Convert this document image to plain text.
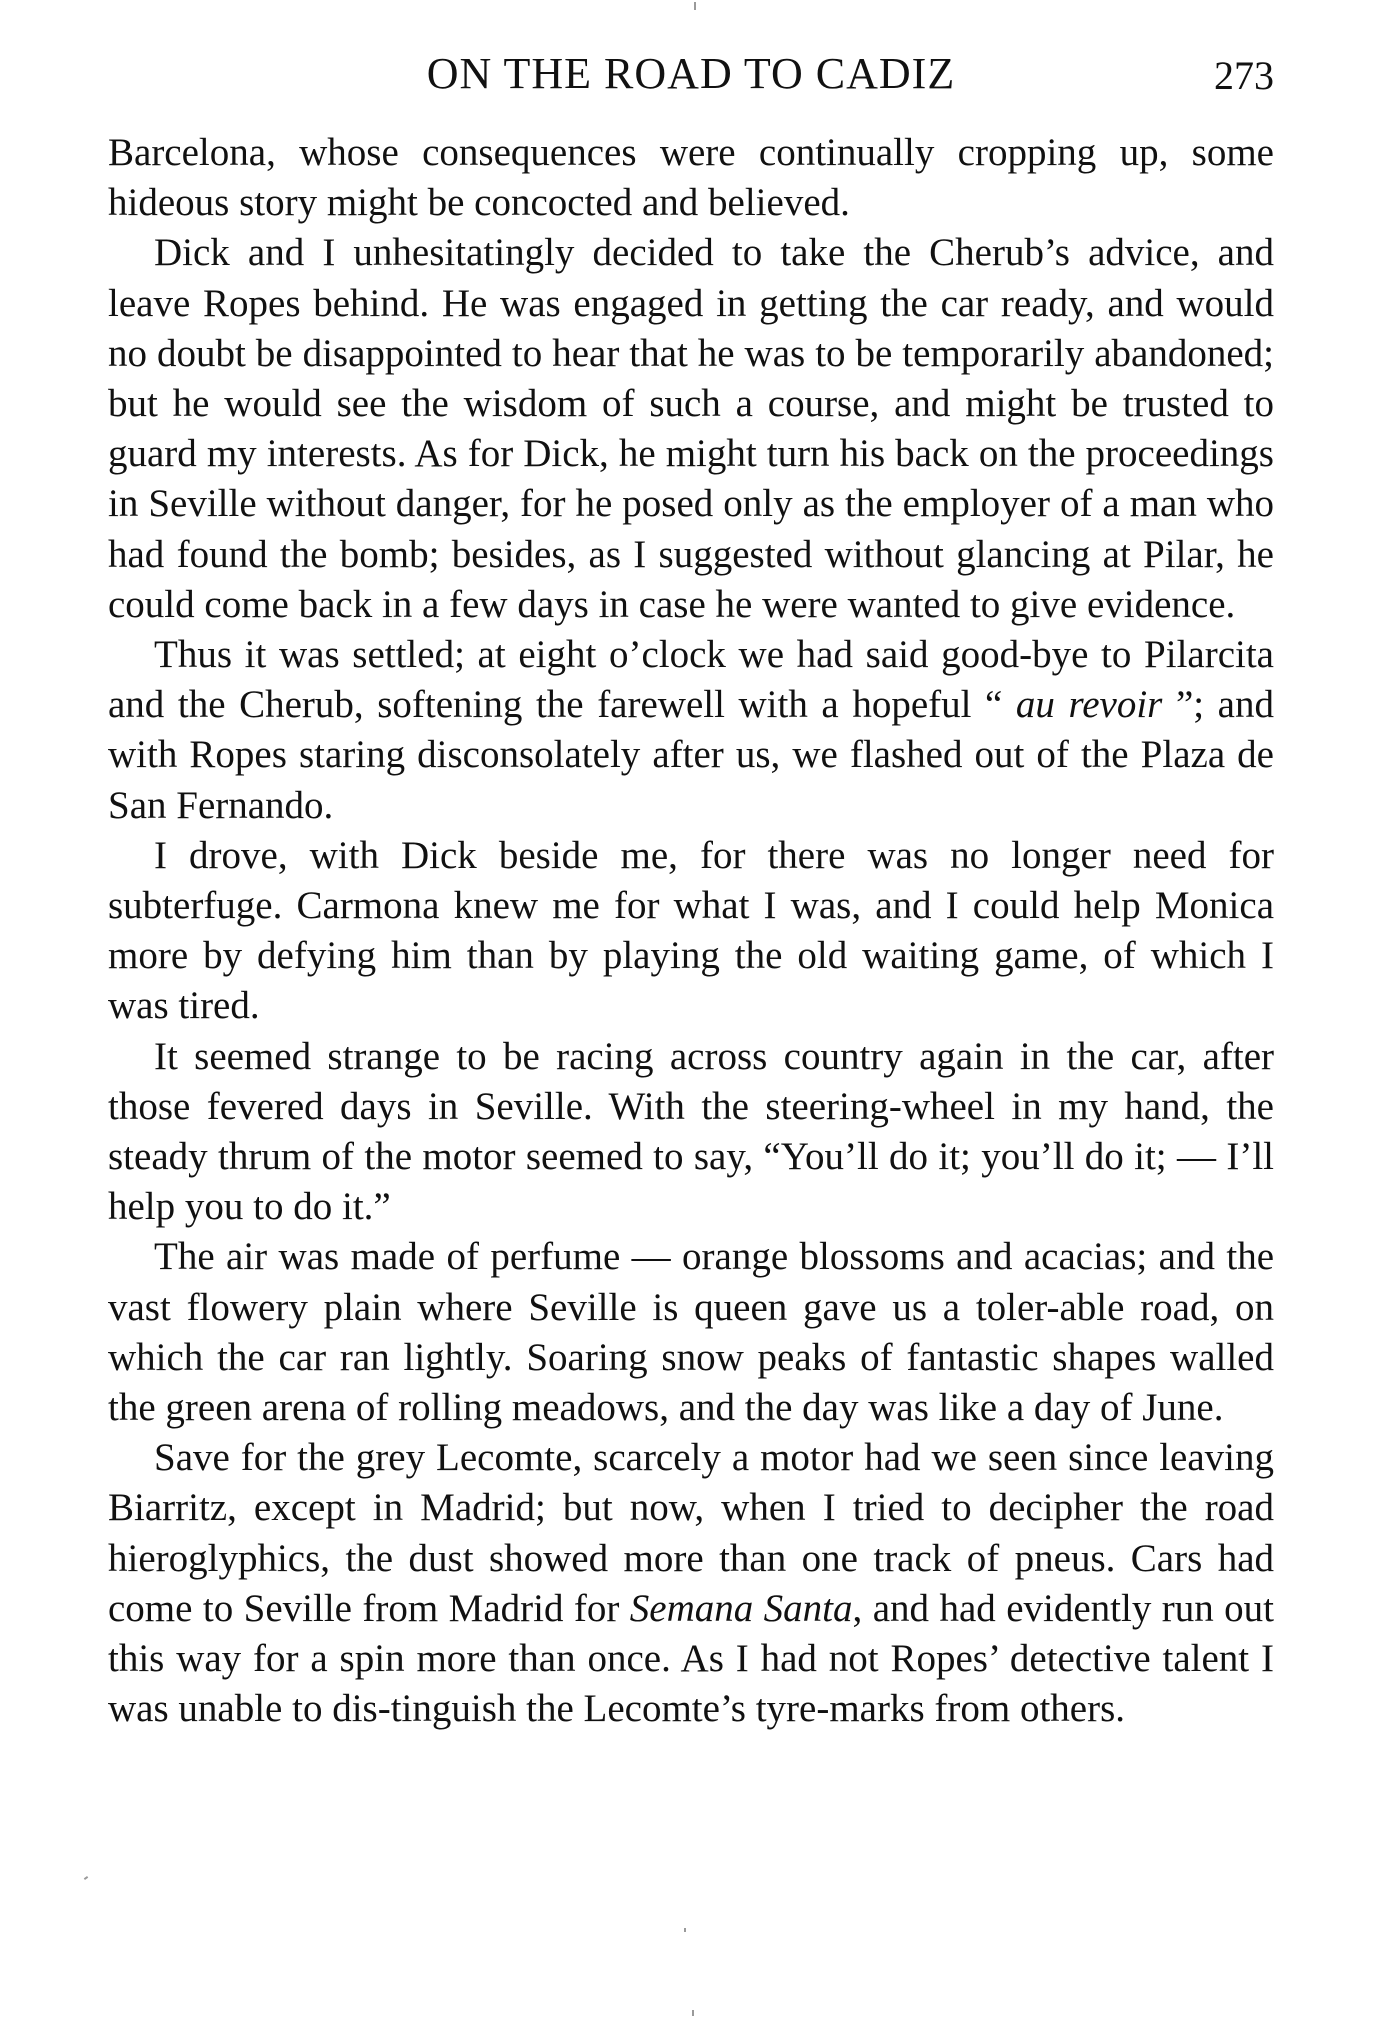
ON THE ROAD TO CADIZ	273

Barcelona, whose consequences were continually cropping up, some hideous story might be concocted and believed.

Dick and I unhesitatingly decided to take the Cherub’s advice, and leave Ropes behind. He was engaged in getting the car ready, and would no doubt be disappointed to hear that he was to be temporarily abandoned; but he would see the wisdom of such a course, and might be trusted to guard my interests. As for Dick, he might turn his back on the proceedings in Seville without danger, for he posed only as the employer of a man who had found the bomb; besides, as I suggested without glancing at Pilar, he could come back in a few days in case he were wanted to give evidence.

Thus it was settled; at eight o’clock we had said good-bye to Pilarcita and the Cherub, softening the farewell with a hopeful “ au revoir ”; and with Ropes staring disconsolately after us, we flashed out of the Plaza de San Fernando.

I drove, with Dick beside me, for there was no longer need for subterfuge. Carmona knew me for what I was, and I could help Monica more by defying him than by playing the old waiting game, of which I was tired.

It seemed strange to be racing across country again in the car, after those fevered days in Seville. With the steering-wheel in my hand, the steady thrum of the motor seemed to say, “You’ll do it; you’ll do it; — I’ll help you to do it.”

The air was made of perfume — orange blossoms and acacias; and the vast flowery plain where Seville is queen gave us a toler-able road, on which the car ran lightly. Soaring snow peaks of fantastic shapes walled the green arena of rolling meadows, and the day was like a day of June.

Save for the grey Lecomte, scarcely a motor had we seen since leaving Biarritz, except in Madrid; but now, when I tried to decipher the road hieroglyphics, the dust showed more than one track of pneus. Cars had come to Seville from Madrid for Semana Santa, and had evidently run out this way for a spin more than once. As I had not Ropes’ detective talent I was unable to dis-tinguish the Lecomte’s tyre-marks from others.
